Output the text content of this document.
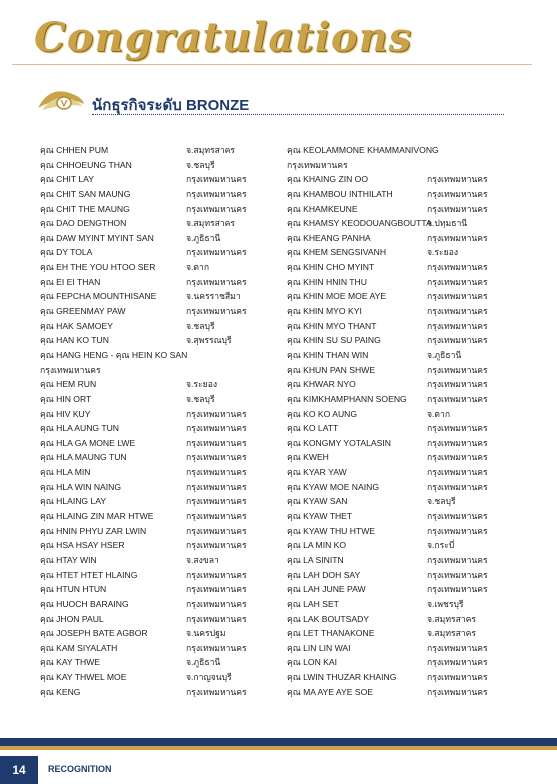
Congratulations
นักธุรกิจระดับ BRONZE
คุณ CHHEN PUM	จ.สมุทรสาคร
คุณ CHHOEUNG THAN	จ.ชลบุรี
คุณ CHIT LAY	กรุงเทพมหานคร
คุณ CHIT SAN MAUNG	กรุงเทพมหานคร
คุณ CHIT THE MAUNG	กรุงเทพมหานคร
คุณ DAO DENGTHON	จ.สมุทรสาคร
คุณ DAW MYINT MYINT SAN	จ.ภูธิธานี
คุณ DY TOLA	กรุงเทพมหานคร
คุณ EH THE YOU HTOO SER	จ.ตาก
คุณ EI EI THAN	กรุงเทพมหานคร
คุณ FEPCHA MOUNTHISANE	จ.นครราชสีมา
คุณ GREENMAY PAW	กรุงเทพมหานคร
คุณ HAK SAMOEY	จ.ชลบุรี
คุณ HAN KO TUN	จ.สุพรรณบุรี
คุณ HANG HENG - คุณ HEIN KO SAN
กรุงเทพมหานคร
คุณ HEM RUN	จ.ระยอง
คุณ HIN ORT	จ.ชลบุรี
คุณ HIV KUY	กรุงเทพมหานคร
คุณ HLA AUNG TUN	กรุงเทพมหานคร
คุณ HLA GA MONE LWE	กรุงเทพมหานคร
คุณ HLA MAUNG TUN	กรุงเทพมหานคร
คุณ HLA MIN	กรุงเทพมหานคร
คุณ HLA WIN NAING	กรุงเทพมหานคร
คุณ HLAING LAY	กรุงเทพมหานคร
คุณ HLAING ZIN MAR HTWE	กรุงเทพมหานคร
คุณ HNIN PHYU ZAR LWIN	กรุงเทพมหานคร
คุณ HSA HSAY HSER	กรุงเทพมหานคร
คุณ HTAY WIN	จ.สงขลา
คุณ HTET HTET HLAING	กรุงเทพมหานคร
คุณ HTUN HTUN	กรุงเทพมหานคร
คุณ HUOCH BARAING	กรุงเทพมหานคร
คุณ JHON PAUL	กรุงเทพมหานคร
คุณ JOSEPH BATE AGBOR	จ.นครปฐม
คุณ KAM SIYALATH	กรุงเทพมหานคร
คุณ KAY THWE	จ.ภูธิธานี
คุณ KAY THWEL MOE	จ.กาญจนบุรี
คุณ KENG	กรุงเทพมหานคร
คุณ KEOLAMMONE KHAMMANIVONG
กรุงเทพมหานคร
คุณ KHAING ZIN OO	กรุงเทพมหานคร
คุณ KHAMBOU INTHILATH	กรุงเทพมหานคร
คุณ KHAMKEUNE	กรุงเทพมหานคร
คุณ KHAMSY KEODOUANGBOUTTA
จ.ปทุมธานี
คุณ KHEANG PANHA	กรุงเทพมหานคร
คุณ KHEM SENGSIVANH	จ.ระยอง
คุณ KHIN CHO MYINT	กรุงเทพมหานคร
คุณ KHIN HNIN THU	กรุงเทพมหานคร
คุณ KHIN MOE MOE AYE	กรุงเทพมหานคร
คุณ KHIN MYO KYI	กรุงเทพมหานคร
คุณ KHIN MYO THANT	กรุงเทพมหานคร
คุณ KHIN SU SU PAING	กรุงเทพมหานคร
คุณ KHIN THAN WIN	จ.ภูธิธานี
คุณ KHUN PAN SHWE	กรุงเทพมหานคร
คุณ KHWAR NYO	กรุงเทพมหานคร
คุณ KIMKHAMPHANN SOENG กรุงเทพมหานคร
คุณ KO KO AUNG	จ.ตาก
คุณ KO LATT	กรุงเทพมหานคร
คุณ KONGMY YOTALASIN	กรุงเทพมหานคร
คุณ KWEH	กรุงเทพมหานคร
คุณ KYAR YAW	กรุงเทพมหานคร
คุณ KYAW MOE NAING	กรุงเทพมหานคร
คุณ KYAW SAN	จ.ชลบุรี
คุณ KYAW THET	กรุงเทพมหานคร
คุณ KYAW THU HTWE	กรุงเทพมหานคร
คุณ LA MIN KO	จ.กระบี่
คุณ LA SINITN	กรุงเทพมหานคร
คุณ LAH DOH SAY	กรุงเทพมหานคร
คุณ LAH JUNE PAW	กรุงเทพมหานคร
คุณ LAH SET	จ.เพชรบุรี
คุณ LAK BOUTSADY	จ.สมุทรสาคร
คุณ LET THANAKONE	จ.สมุทรสาคร
คุณ LIN LIN WAI	กรุงเทพมหานคร
คุณ LON KAI	กรุงเทพมหานคร
คุณ LWIN THUZAR KHAING	กรุงเทพมหานคร
คุณ MA AYE AYE SOE	กรุงเทพมหานคร
14	RECOGNITION
